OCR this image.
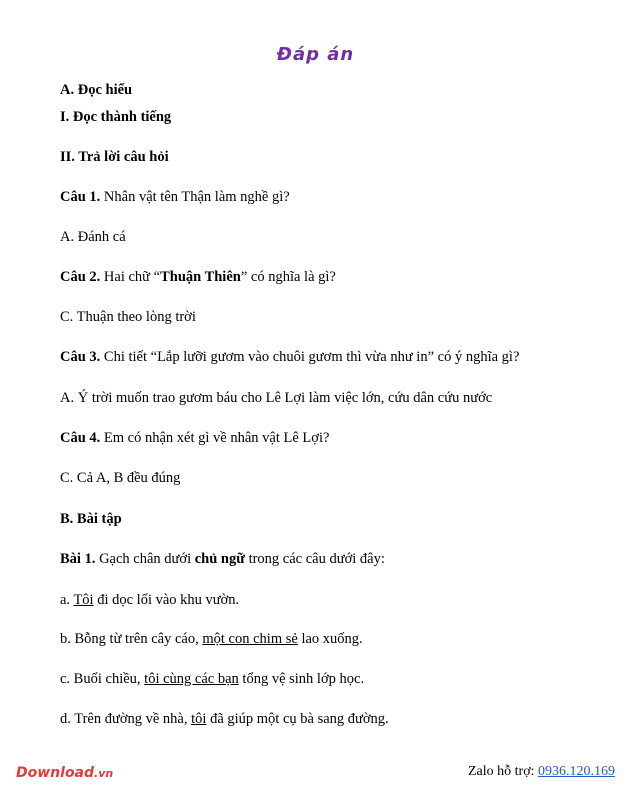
Đáp án
A. Đọc hiểu
I. Đọc thành tiếng
II. Trả lời câu hỏi
Câu 1. Nhân vật tên Thận làm nghề gì?
A. Đánh cá
Câu 2. Hai chữ “Thuận Thiên” có nghĩa là gì?
C. Thuận theo lòng trời
Câu 3. Chi tiết “Lắp lưỡi gươm vào chuôi gươm thì vừa như in” có ý nghĩa gì?
A. Ý trời muốn trao gươm báu cho Lê Lợi làm việc lớn, cứu dân cứu nước
Câu 4. Em có nhận xét gì về nhân vật Lê Lợi?
C. Cả A, B đều đúng
B. Bài tập
Bài 1. Gạch chân dưới chủ ngữ trong các câu dưới đây:
a. Tôi đi dọc lối vào khu vườn.
b. Bỗng từ trên cây cáo, một con chim sẻ lao xuống.
c. Buổi chiều, tôi cùng các bạn tổng vệ sinh lớp học.
d. Trên đường về nhà, tôi đã giúp một cụ bà sang đường.
Download.vn	Zalo hỗ trợ: 0936.120.169
